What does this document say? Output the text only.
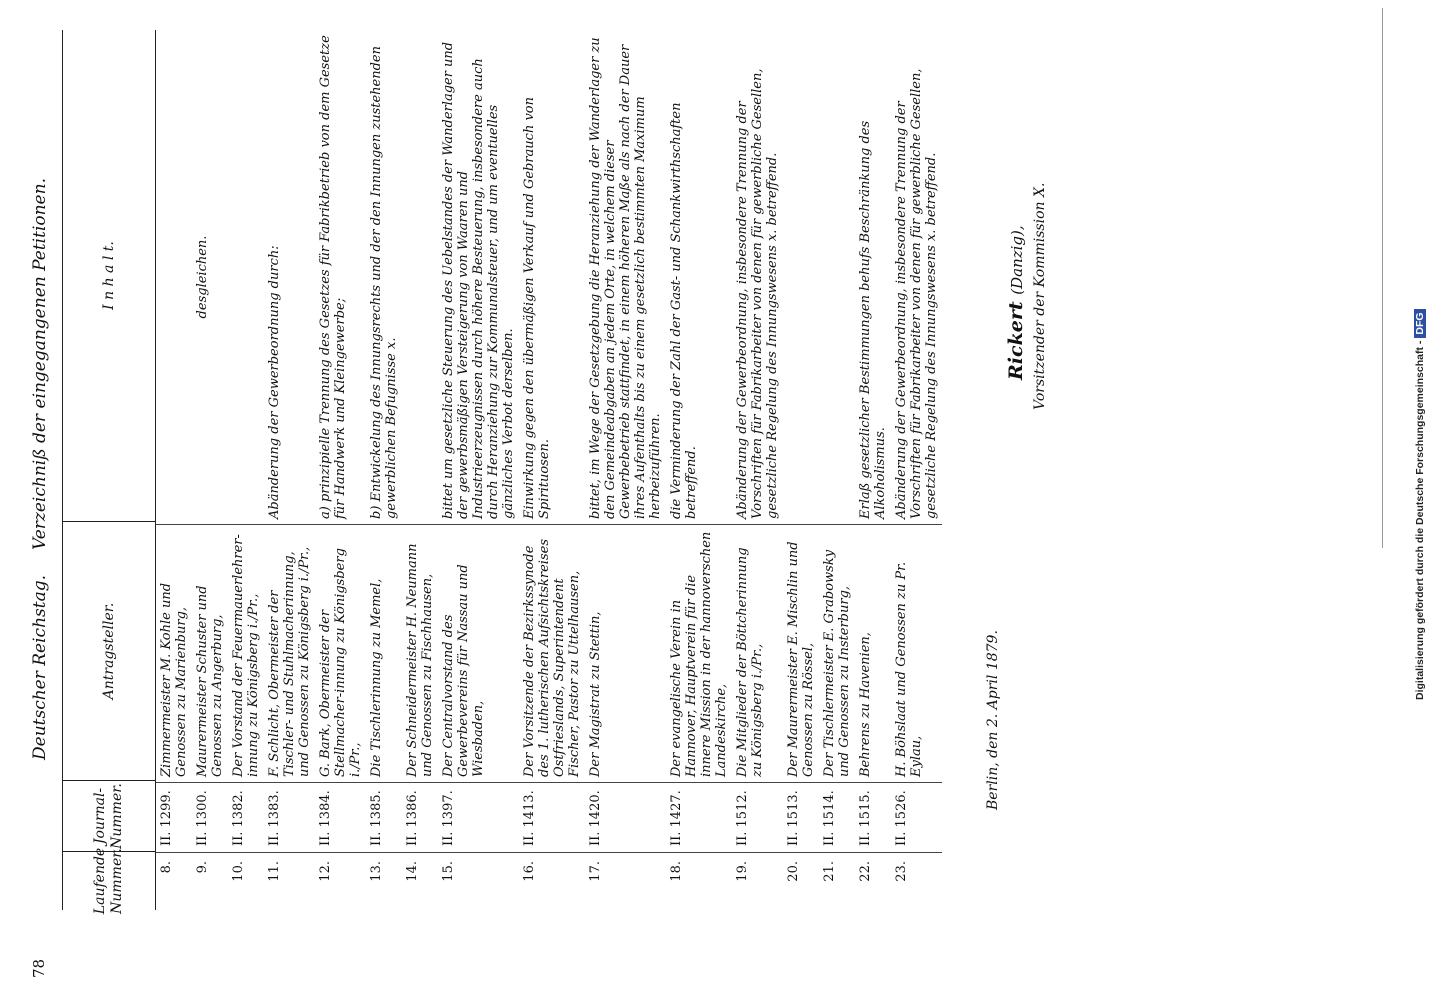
78
Deutscher Reichstag.
Verzeichniß der eingegangenen Petitionen.
Laufende Nummer.
Journal- Nummer.
Antragsteller.
I n h a l t.
8.
II. 1299.
Zimmermeister M. Kohle und Genossen zu Marienburg,
9.
II. 1300.
Maurermeister Schuster und Genossen zu Angerburg,
desgleichen.
10.
II. 1382.
Der Vorstand der Feuermauerlehrer-innung zu Königsberg i./Pr.,
11.
II. 1383.
F. Schlicht, Obermeister der Tischler- und Stuhlmacherinnung, und Genossen zu Königsberg i./Pr.,
Abänderung der Gewerbeordnung durch:
12.
II. 1384.
G. Bark, Obermeister der Stellmacher-innung zu Königsberg i./Pr.,
a) prinzipielle Trennung des Gesetzes für Fabrikbetrieb von dem Gesetze für Handwerk und Kleingewerbe;
13.
II. 1385.
Die Tischlerinnung zu Memel,
b) Entwickelung des Innungsrechts und der den Innungen zustehenden gewerblichen Befugnisse x.
14.
II. 1386.
Der Schneidermeister H. Neumann und Genossen zu Fischhausen,
15.
II. 1397.
Der Centralvorstand des Gewerbevereins für Nassau und Wiesbaden,
bittet um gesetzliche Steuerung des Uebelstandes der Wanderlager und der gewerbsmäßigen Versteigerung von Waaren und Industrieerzeugnissen durch höhere Besteuerung, insbesondere auch durch Heranziehung zur Kommunalsteuer, und um eventuelles gänzliches Verbot derselben.
16.
II. 1413.
Der Vorsitzende der Bezirkssynode des 1. lutherischen Aufsichtskreises Ostfrieslands, Superintendent Fischer, Pastor zu Uttelhausen,
Einwirkung gegen den übermäßigen Verkauf und Gebrauch von Spirituosen.
17.
II. 1420.
Der Magistrat zu Stettin,
bittet, im Wege der Gesetzgebung die Heranziehung der Wanderlager zu den Gemeindeabgaben an jedem Orte, in welchem dieser Gewerbebetrieb stattfindet, in einem höheren Maße als nach der Dauer ihres Aufenthalts bis zu einem gesetzlich bestimmten Maximum herbeizuführen.
18.
II. 1427.
Der evangelische Verein in Hannover, Hauptverein für die innere Mission in der hannoverschen Landeskirche,
die Verminderung der Zahl der Gast- und Schankwirthschaften betreffend.
19.
II. 1512.
Die Mitglieder der Böttcherinnung zu Königsberg i./Pr.,
Abänderung der Gewerbeordnung, insbesondere Trennung der Vorschriften für Fabrikarbeiter von denen für gewerbliche Gesellen, gesetzliche Regelung des Innungswesens x. betreffend.
20.
II. 1513.
Der Maurermeister E. Mischlin und Genossen zu Rössel,
21.
II. 1514.
Der Tischlermeister E. Grabowsky und Genossen zu Insterburg,
22.
II. 1515.
Behrens zu Havenien,
Erlaß gesetzlicher Bestimmungen behufs Beschränkung des Alkoholismus.
23.
II. 1526.
H. Böhslaat und Genossen zu Pr. Eylau,
Abänderung der Gewerbeordnung, insbesondere Trennung der Vorschriften für Fabrikarbeiter von denen für gewerbliche Gesellen, gesetzliche Regelung des Innungswesens x. betreffend.
Berlin, den 2. April 1879.
Rickert (Danzig), Vorsitzender der Kommission X.
Digitalisierung gefördert durch die Deutsche Forschungsgemeinschaft -DFG
